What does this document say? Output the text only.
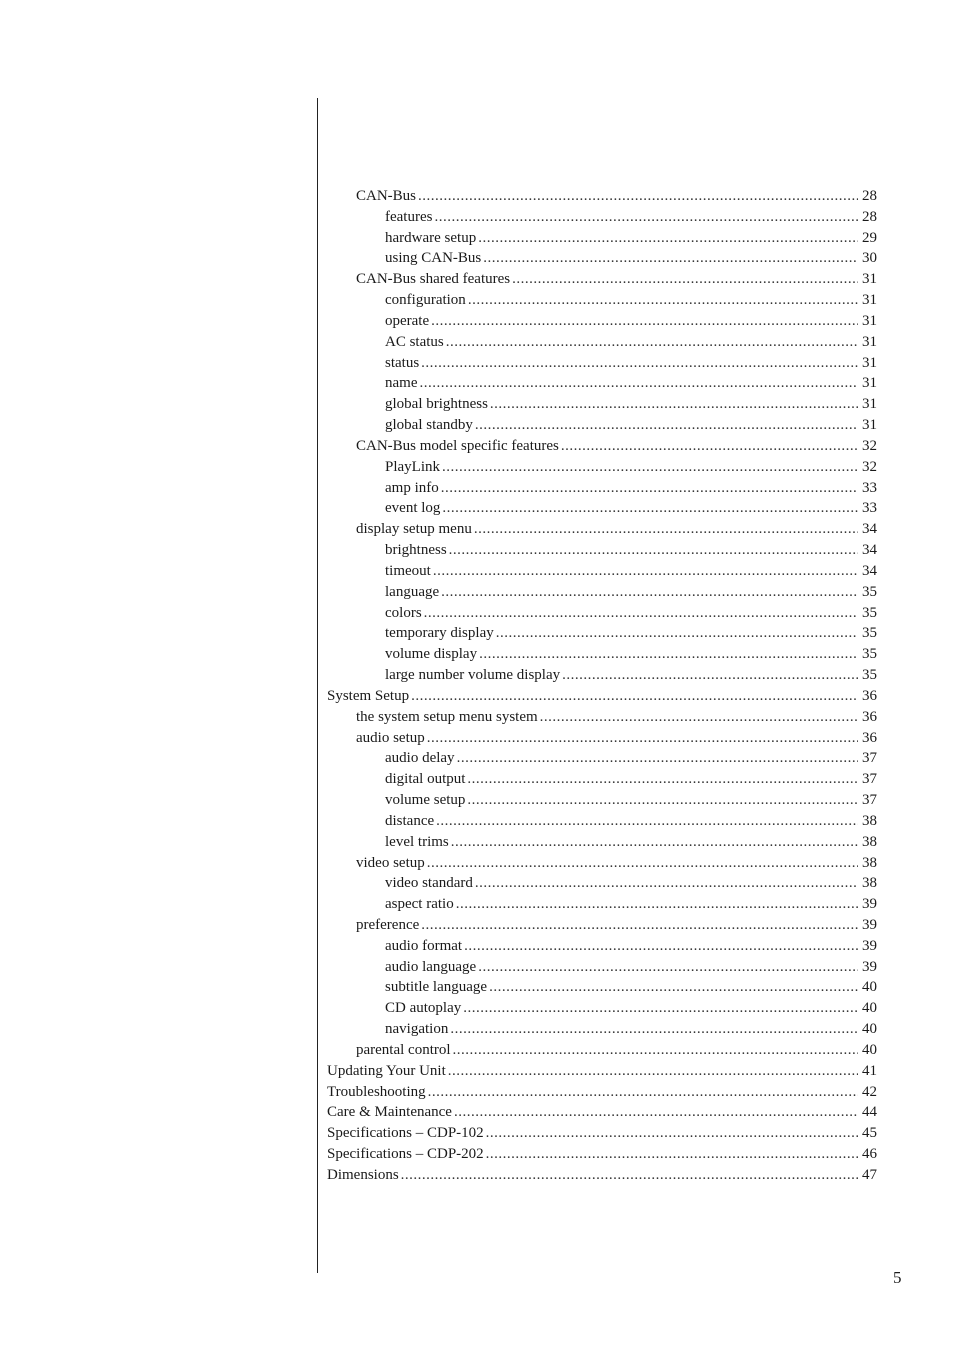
CAN-Bus .....	28
features .....	28
hardware setup .....	29
using CAN-Bus .....	30
CAN-Bus shared features .....	31
configuration .....	31
operate .....	31
AC status .....	31
status .....	31
name .....	31
global brightness .....	31
global standby .....	31
CAN-Bus model specific features .....	32
PlayLink .....	32
amp info .....	33
event log .....	33
display setup menu .....	34
brightness .....	34
timeout .....	34
language .....	35
colors .....	35
temporary display .....	35
volume display .....	35
large number volume display .....	35
System Setup .....	36
the system setup menu system .....	36
audio setup .....	36
audio delay .....	37
digital output .....	37
volume setup .....	37
distance .....	38
level trims .....	38
video setup .....	38
video standard .....	38
aspect ratio .....	39
preference .....	39
audio format .....	39
audio language .....	39
subtitle language .....	40
CD autoplay .....	40
navigation .....	40
parental control .....	40
Updating Your Unit .....	41
Troubleshooting .....	42
Care & Maintenance .....	44
Specifications – CDP-102 .....	45
Specifications – CDP-202 .....	46
Dimensions .....	47
5
